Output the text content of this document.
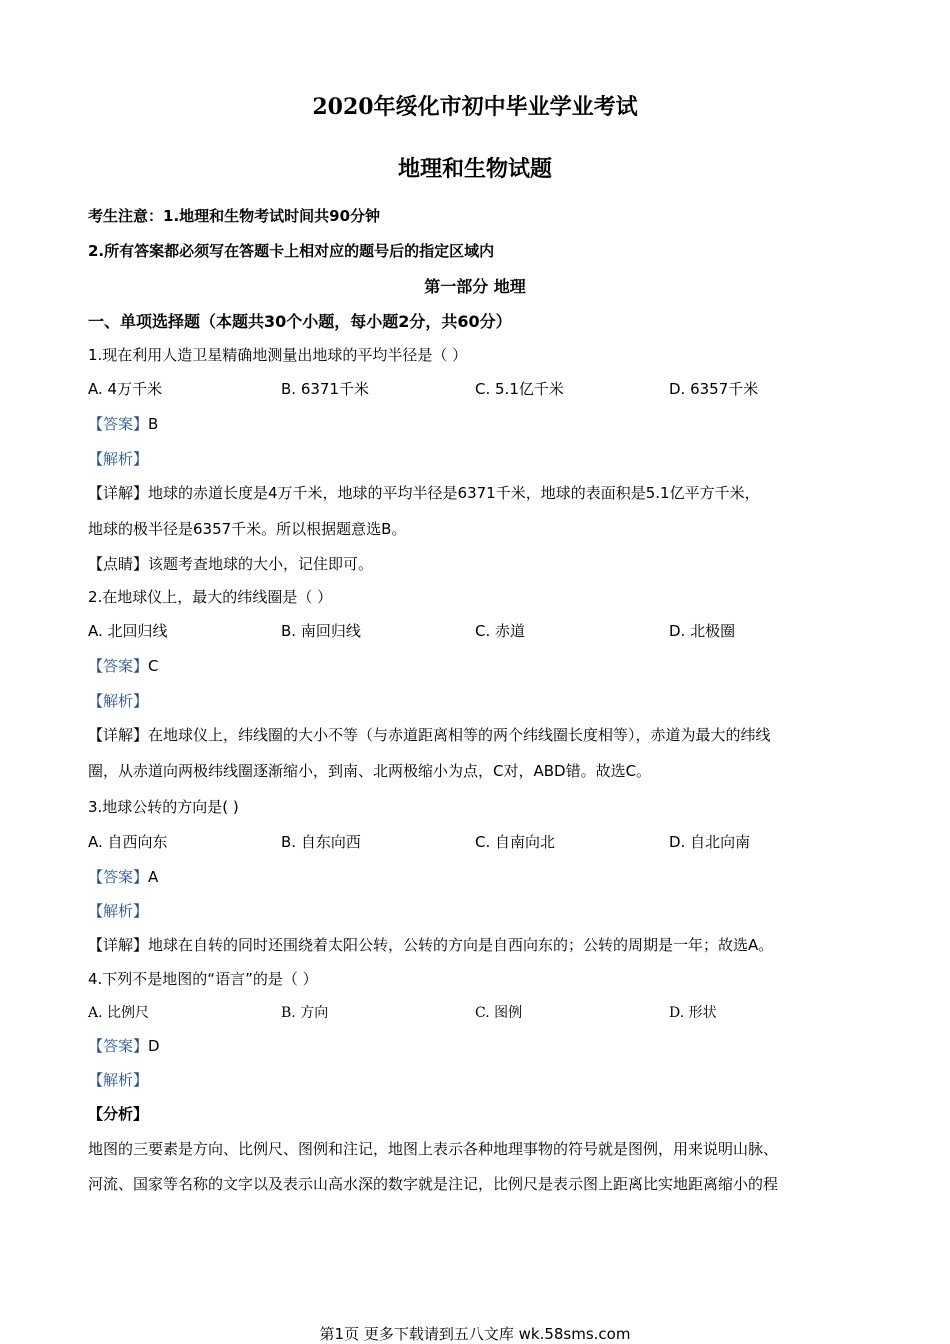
2020年绥化市初中毕业学业考试
地理和生物试题
考生注意：1.地理和生物考试时间共90分钟
2.所有答案都必须写在答题卡上相对应的题号后的指定区域内
第一部分 地理
一、单项选择题（本题共30个小题，每小题2分，共60分）
1.现在利用人造卫星精确地测量出地球的平均半径是（ ）
A. 4万千米	B. 6371千米	C. 5.1亿千米	D. 6357千米
【答案】B
【解析】
【详解】地球的赤道长度是4万千米，地球的平均半径是6371千米，地球的表面积是5.1亿平方千米，
地球的极半径是6357千米。所以根据题意选B。
【点睛】该题考查地球的大小，记住即可。
2.在地球仪上，最大的纬线圈是（ ）
A. 北回归线	B. 南回归线	C. 赤道	D. 北极圈
【答案】C
【解析】
【详解】在地球仪上，纬线圈的大小不等（与赤道距离相等的两个纬线圈长度相等），赤道为最大的纬线
圈，从赤道向两极纬线圈逐渐缩小，到南、北两极缩小为点，C对，ABD错。故选C。
3.地球公转的方向是( )
A. 自西向东	B. 自东向西	C. 自南向北	D. 自北向南
【答案】A
【解析】
【详解】地球在自转的同时还围绕着太阳公转，公转的方向是自西向东的；公转的周期是一年；故选A。
4.下列不是地图的“语言”的是（ ）
A. 比例尺	B. 方向	C. 图例	D. 形状
【答案】D
【解析】
【分析】
地图的三要素是方向、比例尺、图例和注记，地图上表示各种地理事物的符号就是图例，用来说明山脉、
河流、国家等名称的文字以及表示山高水深的数字就是注记，比例尺是表示图上距离比实地距离缩小的程
第1页 更多下载请到五八文库 wk.58sms.com
